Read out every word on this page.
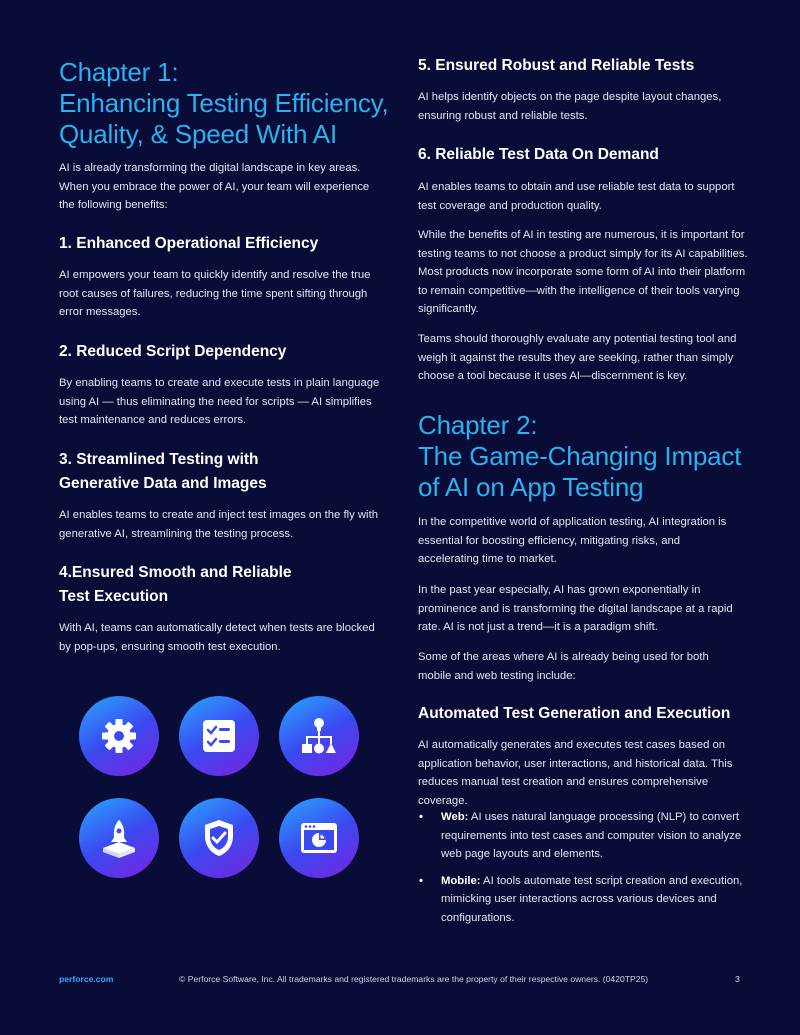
Chapter 1:
Enhancing Testing Efficiency,
Quality, & Speed With AI

AI is already transforming the digital landscape in key areas. When you embrace the power of AI, your team will experience the following benefits:

1. Enhanced Operational Efficiency

AI empowers your team to quickly identify and resolve the true root causes of failures, reducing the time spent sifting through error messages.

2. Reduced Script Dependency

By enabling teams to create and execute tests in plain language using AI — thus eliminating the need for scripts — AI simplifies test maintenance and reduces errors.

3. Streamlined Testing with
Generative Data and Images

AI enables teams to create and inject test images on the fly with generative AI, streamlining the testing process.

4.Ensured Smooth and Reliable
Test Execution

With AI, teams can automatically detect when tests are blocked by pop-ups, ensuring smooth test execution.

5. Ensured Robust and Reliable Tests

AI helps identify objects on the page despite layout changes, ensuring robust and reliable tests.

6. Reliable Test Data On Demand

AI enables teams to obtain and use reliable test data to support test coverage and production quality.

While the benefits of AI in testing are numerous, it is important for testing teams to not choose a product simply for its AI capabilities. Most products now incorporate some form of AI into their platform to remain competitive—with the intelligence of their tools varying significantly.

Teams should thoroughly evaluate any potential testing tool and weigh it against the results they are seeking, rather than simply choose a tool because it uses AI—discernment is key.

Chapter 2:
The Game-Changing Impact
of AI on App Testing

In the competitive world of application testing, AI integration is essential for boosting efficiency, mitigating risks, and accelerating time to market.

In the past year especially, AI has grown exponentially in prominence and is transforming the digital landscape at a rapid rate. AI is not just a trend—it is a paradigm shift.

Some of the areas where AI is already being used for both mobile and web testing include:

Automated Test Generation and Execution

AI automatically generates and executes test cases based on application behavior, user interactions, and historical data. This reduces manual test creation and ensures comprehensive coverage.

• Web: AI uses natural language processing (NLP) to convert requirements into test cases and computer vision to analyze web page layouts and elements.
• Mobile: AI tools automate test script creation and execution, mimicking user interactions across various devices and configurations.
perforce.com	© Perforce Software, Inc. All trademarks and registered trademarks are the property of their respective owners. (0420TP25)	3
